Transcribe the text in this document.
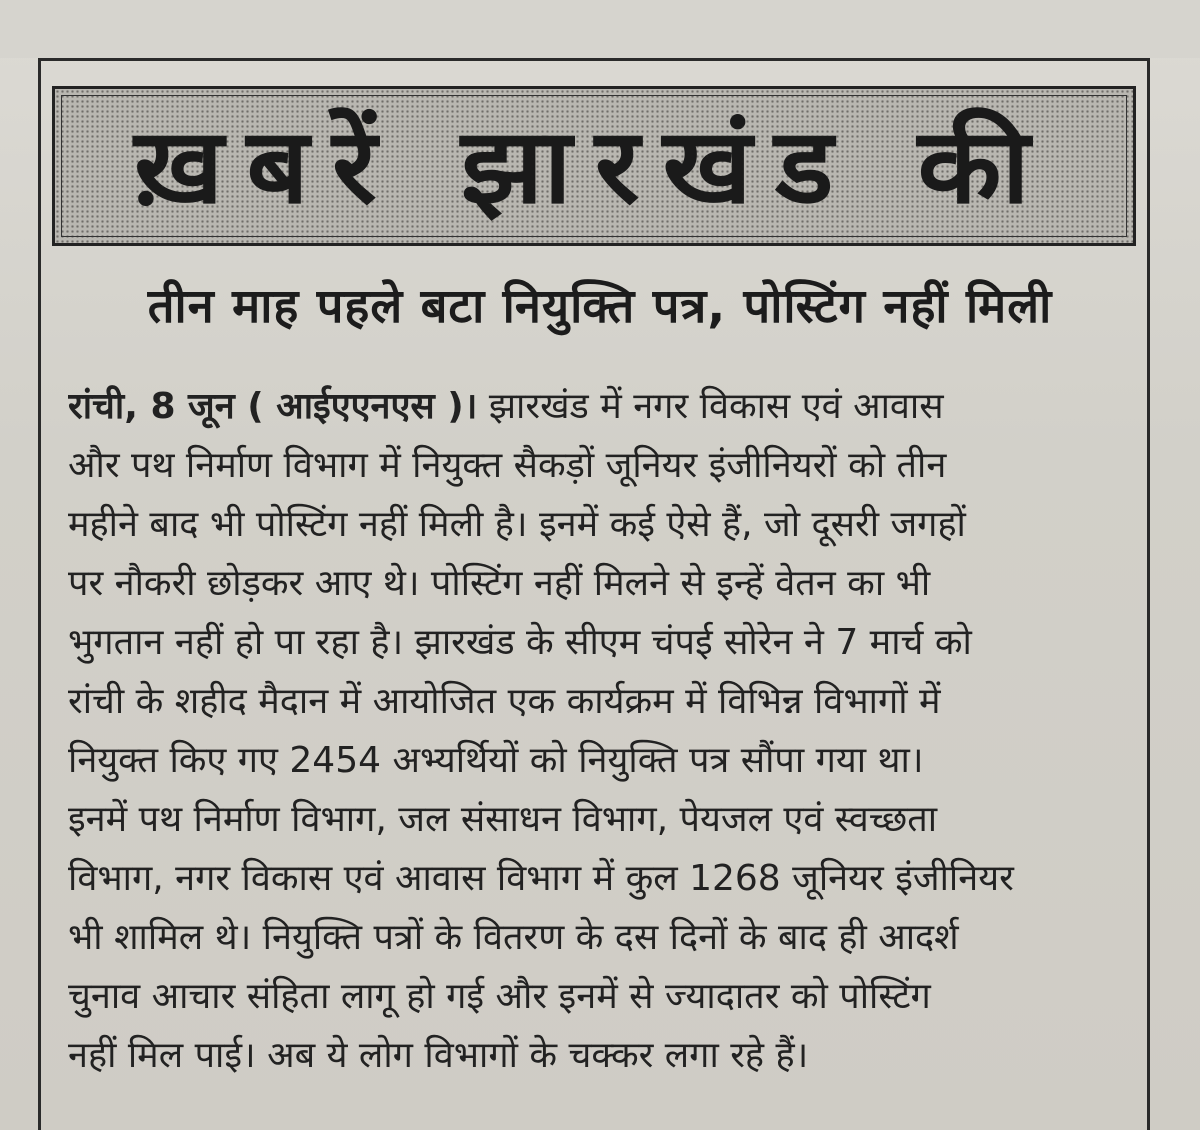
ख़बरें झारखंड की
तीन माह पहले बटा नियुक्ति पत्र, पोस्टिंग नहीं मिली
रांची, 8 जून ( आईएएनएस )। झारखंड में नगर विकास एवं आवास
और पथ निर्माण विभाग में नियुक्त सैकड़ों जूनियर इंजीनियरों को तीन
महीने बाद भी पोस्टिंग नहीं मिली है। इनमें कई ऐसे हैं, जो दूसरी जगहों
पर नौकरी छोड़कर आए थे। पोस्टिंग नहीं मिलने से इन्हें वेतन का भी
भुगतान नहीं हो पा रहा है। झारखंड के सीएम चंपई सोरेन ने 7 मार्च को
रांची के शहीद मैदान में आयोजित एक कार्यक्रम में विभिन्न विभागों में
नियुक्त किए गए 2454 अभ्यर्थियों को नियुक्ति पत्र सौंपा गया था।
इनमें पथ निर्माण विभाग, जल संसाधन विभाग, पेयजल एवं स्वच्छता
विभाग, नगर विकास एवं आवास विभाग में कुल 1268 जूनियर इंजीनियर
भी शामिल थे। नियुक्ति पत्रों के वितरण के दस दिनों के बाद ही आदर्श
चुनाव आचार संहिता लागू हो गई और इनमें से ज्यादातर को पोस्टिंग
नहीं मिल पाई। अब ये लोग विभागों के चक्कर लगा रहे हैं।
